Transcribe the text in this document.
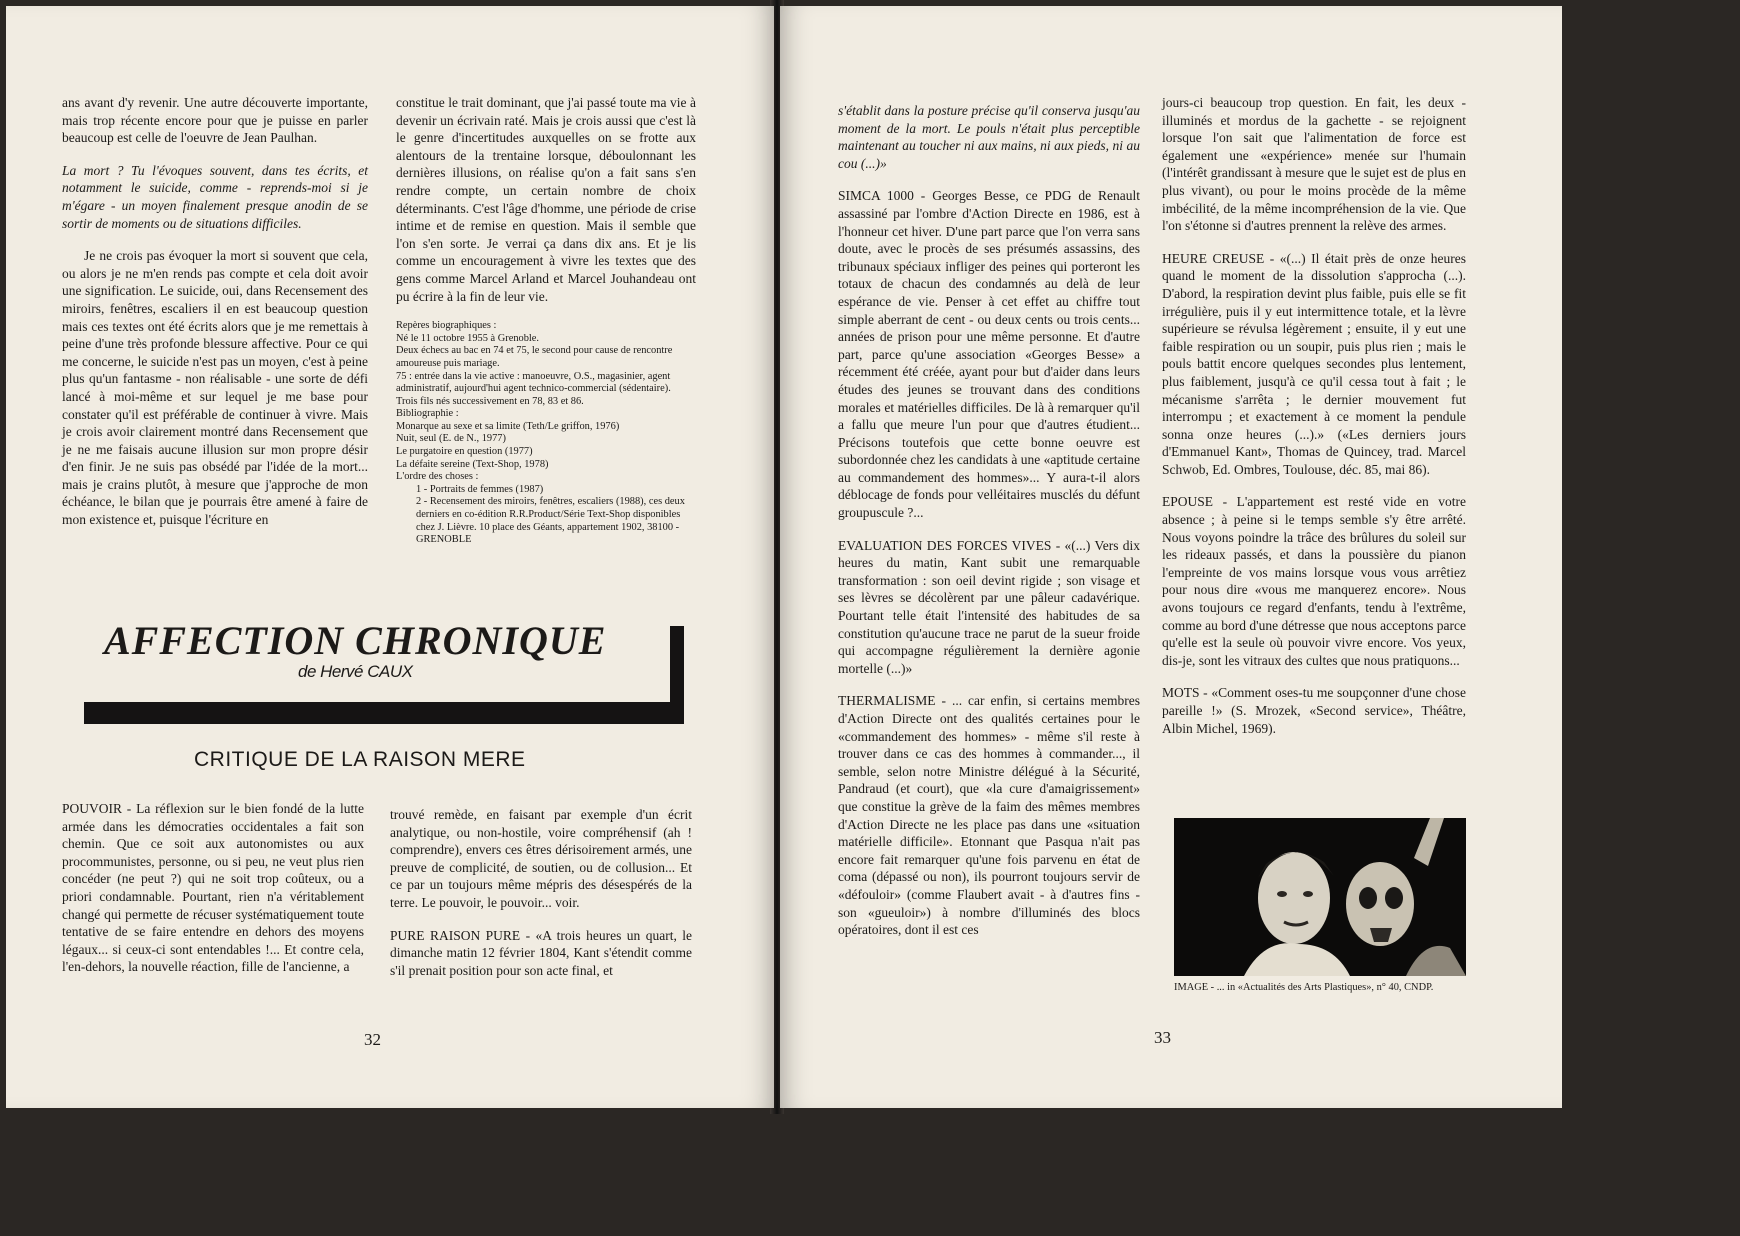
ans avant d'y revenir. Une autre découverte importante, mais trop récente encore pour que je puisse en parler beaucoup est celle de l'oeuvre de Jean Paulhan.

La mort ? Tu l'évoques souvent, dans tes écrits, et notamment le suicide, comme - reprends-moi si je m'égare - un moyen finalement presque anodin de se sortir de moments ou de situations difficiles.

Je ne crois pas évoquer la mort si souvent que cela, ou alors je ne m'en rends pas compte et cela doit avoir une signification. Le suicide, oui, dans Recensement des miroirs, fenêtres, escaliers il en est beaucoup question mais ces textes ont été écrits alors que je me remettais à peine d'une très profonde blessure affective. Pour ce qui me concerne, le suicide n'est pas un moyen, c'est à peine plus qu'un fantasme - non réalisable - une sorte de défi lancé à moi-même et sur lequel je me base pour constater qu'il est préférable de continuer à vivre. Mais je crois avoir clairement montré dans Recensement que je ne me faisais aucune illusion sur mon propre désir d'en finir. Je ne suis pas obsédé par l'idée de la mort... mais je crains plutôt, à mesure que j'approche de mon échéance, le bilan que je pourrais être amené à faire de mon existence et, puisque l'écriture en

constitue le trait dominant, que j'ai passé toute ma vie à devenir un écrivain raté. Mais je crois aussi que c'est là le genre d'incertitudes auxquelles on se frotte aux alentours de la trentaine lorsque, déboulonnant les dernières illusions, on réalise qu'on a fait sans s'en rendre compte, un certain nombre de choix déterminants. C'est l'âge d'homme, une période de crise intime et de remise en question. Mais il semble que l'on s'en sorte. Je verrai ça dans dix ans. Et je lis comme un encouragement à vivre les textes que des gens comme Marcel Arland et Marcel Jouhandeau ont pu écrire à la fin de leur vie.

Repères biographiques :

Né le 11 octobre 1955 à Grenoble.

Deux échecs au bac en 74 et 75, le second pour cause de rencontre amoureuse puis mariage.

75 : entrée dans la vie active : manoeuvre, O.S., magasinier, agent administratif, aujourd'hui agent technico-commercial (sédentaire).

Trois fils nés successivement en 78, 83 et 86.

Bibliographie :

Monarque au sexe et sa limite (Teth/Le griffon, 1976)

Nuit, seul (E. de N., 1977)

Le purgatoire en question (1977)

La défaite sereine (Text-Shop, 1978)

L'ordre des choses :

1 - Portraits de femmes (1987)

2 - Recensement des miroirs, fenêtres, escaliers (1988), ces deux derniers en co-édition R.R.Product/Série Text-Shop disponibles chez J. Lièvre. 10 place des Géants, appartement 1902, 38100 - GRENOBLE

AFFECTION CHRONIQUE
de Hervé CAUX
CRITIQUE DE LA RAISON MERE

POUVOIR - La réflexion sur le bien fondé de la lutte armée dans les démocraties occidentales a fait son chemin. Que ce soit aux autonomistes ou aux procommunistes, personne, ou si peu, ne veut plus rien concéder (ne peut ?) qui ne soit trop coûteux, ou a priori condamnable. Pourtant, rien n'a véritablement changé qui permette de récuser systématiquement toute tentative de se faire entendre en dehors des moyens légaux... si ceux-ci sont entendables !... Et contre cela, l'en-dehors, la nouvelle réaction, fille de l'ancienne, a

trouvé remède, en faisant par exemple d'un écrit analytique, ou non-hostile, voire compréhensif (ah ! comprendre), envers ces êtres dérisoirement armés, une preuve de complicité, de soutien, ou de collusion... Et ce par un toujours même mépris des désespérés de la terre. Le pouvoir, le pouvoir... voir.

PURE RAISON PURE - «A trois heures un quart, le dimanche matin 12 février 1804, Kant s'étendit comme s'il prenait position pour son acte final, et

32

s'établit dans la posture précise qu'il conserva jusqu'au moment de la mort. Le pouls n'était plus perceptible maintenant au toucher ni aux mains, ni aux pieds, ni au cou (...)»

SIMCA 1000 - Georges Besse, ce PDG de Renault assassiné par l'ombre d'Action Directe en 1986, est à l'honneur cet hiver. D'une part parce que l'on verra sans doute, avec le procès de ses présumés assassins, des tribunaux spéciaux infliger des peines qui porteront les totaux de chacun des condamnés au delà de leur espérance de vie. Penser à cet effet au chiffre tout simple aberrant de cent - ou deux cents ou trois cents... années de prison pour une même personne. Et d'autre part, parce qu'une association «Georges Besse» a récemment été créée, ayant pour but d'aider dans leurs études des jeunes se trouvant dans des conditions morales et matérielles difficiles. De là à remarquer qu'il a fallu que meure l'un pour que d'autres étudient... Précisons toutefois que cette bonne oeuvre est subordonnée chez les candidats à une «aptitude certaine au commandement des hommes»... Y aura-t-il alors déblocage de fonds pour velléitaires musclés du défunt groupuscule ?...

EVALUATION DES FORCES VIVES - «(...) Vers dix heures du matin, Kant subit une remarquable transformation : son oeil devint rigide ; son visage et ses lèvres se décolèrent par une pâleur cadavérique. Pourtant telle était l'intensité des habitudes de sa constitution qu'aucune trace ne parut de la sueur froide qui accompagne régulièrement la dernière agonie mortelle (...)»

THERMALISME - ... car enfin, si certains membres d'Action Directe ont des qualités certaines pour le «commandement des hommes» - même s'il reste à trouver dans ce cas des hommes à commander..., il semble, selon notre Ministre délégué à la Sécurité, Pandraud (et court), que «la cure d'amaigrissement» que constitue la grève de la faim des mêmes membres d'Action Directe ne les place pas dans une «situation matérielle difficile». Etonnant que Pasqua n'ait pas encore fait remarquer qu'une fois parvenu en état de coma (dépassé ou non), ils pourront toujours servir de «défouloir» (comme Flaubert avait - à d'autres fins - son «gueuloir») à nombre d'illuminés des blocs opératoires, dont il est ces

jours-ci beaucoup trop question. En fait, les deux - illuminés et mordus de la gachette - se rejoignent lorsque l'on sait que l'alimentation de force est également une «expérience» menée sur l'humain (l'intérêt grandissant à mesure que le sujet est de plus en plus vivant), ou pour le moins procède de la même imbécilité, de la même incompréhension de la vie. Que l'on s'étonne si d'autres prennent la relève des armes.

HEURE CREUSE - «(...) Il était près de onze heures quand le moment de la dissolution s'approcha (...). D'abord, la respiration devint plus faible, puis elle se fit irrégulière, puis il y eut intermittence totale, et la lèvre supérieure se révulsa légèrement ; ensuite, il y eut une faible respiration ou un soupir, puis plus rien ; mais le pouls battit encore quelques secondes plus lentement, plus faiblement, jusqu'à ce qu'il cessa tout à fait ; le mécanisme s'arrêta ; le dernier mouvement fut interrompu ; et exactement à ce moment la pendule sonna onze heures (...).» («Les derniers jours d'Emmanuel Kant», Thomas de Quincey, trad. Marcel Schwob, Ed. Ombres, Toulouse, déc. 85, mai 86).

EPOUSE - L'appartement est resté vide en votre absence ; à peine si le temps semble s'y être arrêté. Nous voyons poindre la trâce des brûlures du soleil sur les rideaux passés, et dans la poussière du pianon l'empreinte de vos mains lorsque vous vous arrêtiez pour nous dire «vous me manquerez encore». Nous avons toujours ce regard d'enfants, tendu à l'extrême, comme au bord d'une détresse que nous acceptons parce qu'elle est la seule où pouvoir vivre encore. Vos yeux, dis-je, sont les vitraux des cultes que nous pratiquons...

MOTS - «Comment oses-tu me soupçonner d'une chose pareille !» (S. Mrozek, «Second service», Théâtre, Albin Michel, 1969).

IMAGE - ... in «Actualités des Arts Plastiques», n° 40, CNDP.
33
